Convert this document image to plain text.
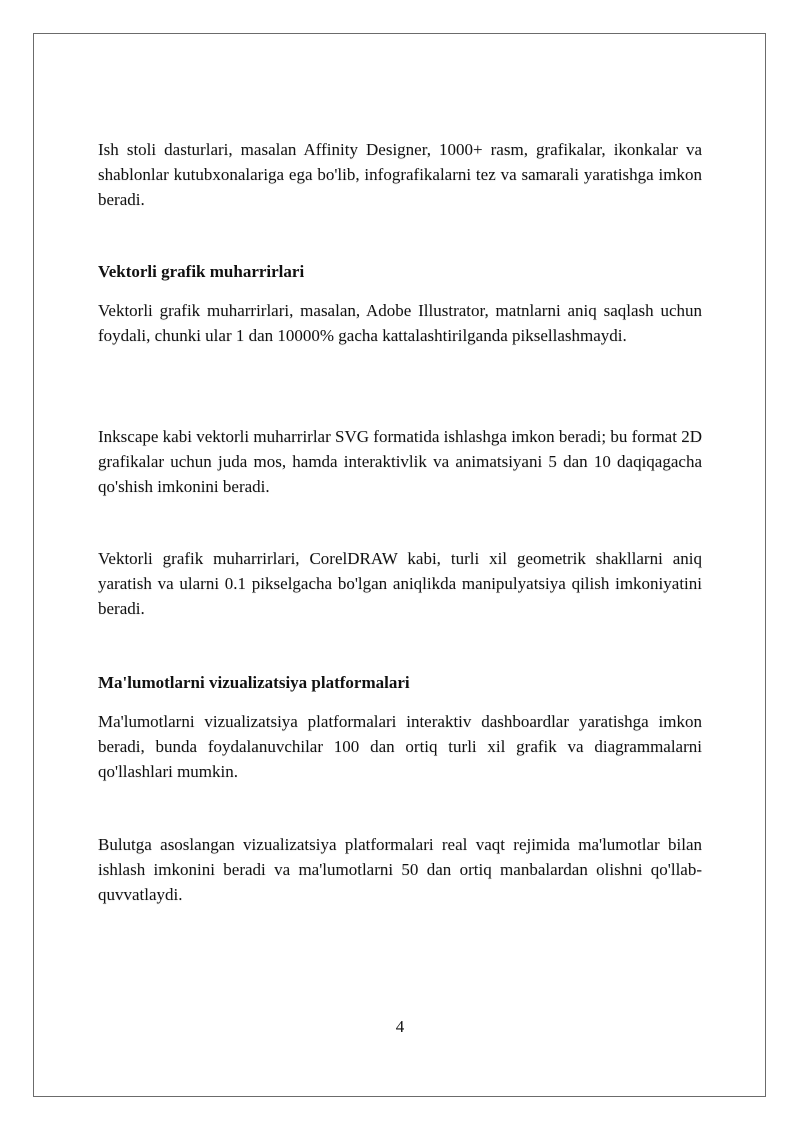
Ish stoli dasturlari, masalan Affinity Designer, 1000+ rasm, grafikalar, ikonkalar va shablonlar kutubxonalariga ega bo'lib, infografikalarni tez va samarali yaratishga imkon beradi.

Vektorli grafik muharrirlari

Vektorli grafik muharrirlari, masalan, Adobe Illustrator, matnlarni aniq saqlash uchun foydali, chunki ular 1 dan 10000% gacha kattalashtirilganda piksellashmaydi.

Inkscape kabi vektorli muharrirlar SVG formatida ishlashga imkon beradi; bu format 2D grafikalar uchun juda mos, hamda interaktivlik va animatsiyani 5 dan 10 daqiqagacha qo'shish imkonini beradi.

Vektorli grafik muharrirlari, CorelDRAW kabi, turli xil geometrik shakllarni aniq yaratish va ularni 0.1 pikselgacha bo'lgan aniqlikda manipulyatsiya qilish imkoniyatini beradi.

Ma'lumotlarni vizualizatsiya platformalari

Ma'lumotlarni vizualizatsiya platformalari interaktiv dashboardlar yaratishga imkon beradi, bunda foydalanuvchilar 100 dan ortiq turli xil grafik va diagrammalarni qo'llashlari mumkin.

Bulutga asoslangan vizualizatsiya platformalari real vaqt rejimida ma'lumotlar bilan ishlash imkonini beradi va ma'lumotlarni 50 dan ortiq manbalardan olishni qo'llab-quvvatlaydi.

4
